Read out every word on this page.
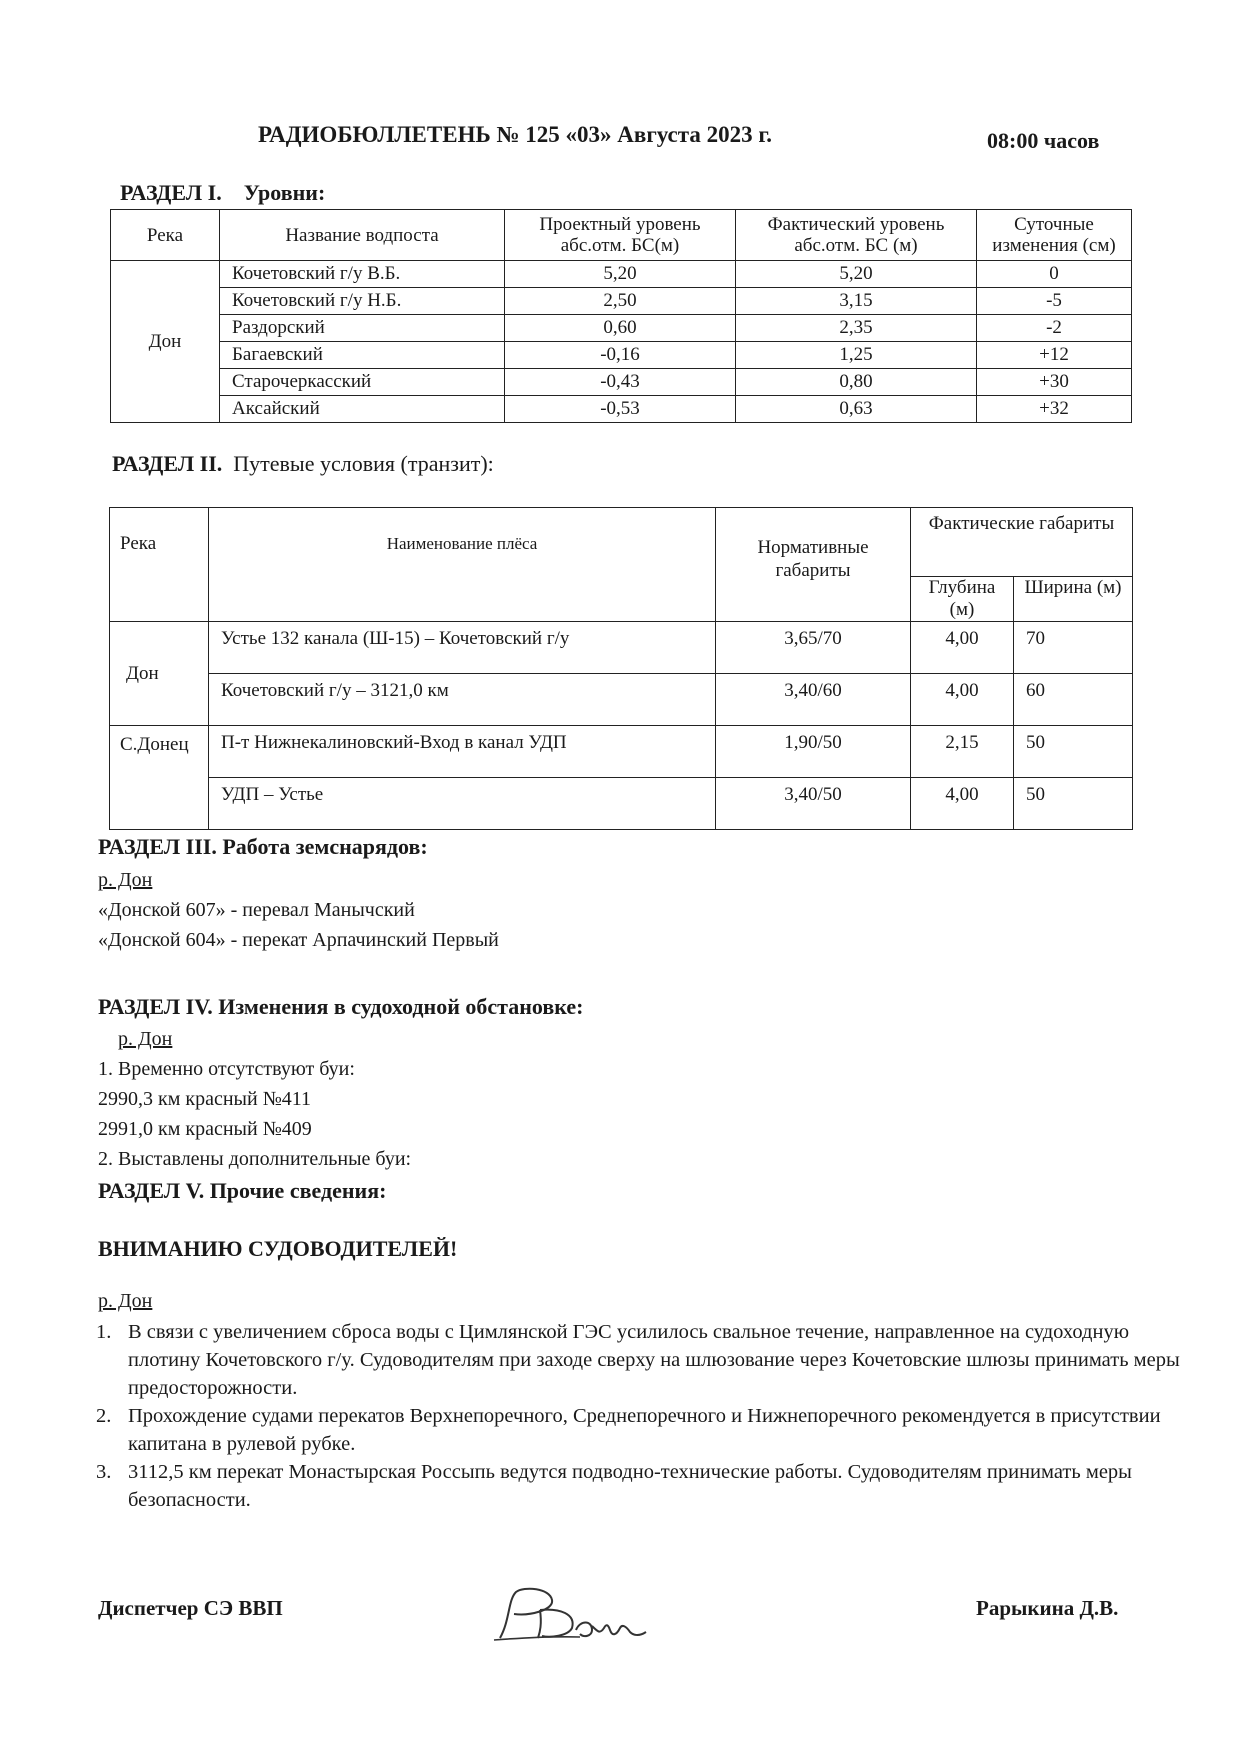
РАДИОБЮЛЛЕТЕНЬ № 125 «03» Августа 2023 г.	08:00 часов
РАЗДЕЛ I. Уровни:
Река	Название водпоста	Проектный уровень абс.отм. БС(м)	Фактический уровень абс.отм. БС (м)	Суточные изменения (см)
Дон	Кочетовский г/у В.Б.	5,20	5,20	0
	Кочетовский г/у Н.Б.	2,50	3,15	-5
	Раздорский	0,60	2,35	-2
	Багаевский	-0,16	1,25	+12
	Старочеркасский	-0,43	0,80	+30
	Аксайский	-0,53	0,63	+32
РАЗДЕЛ II. Путевые условия (транзит):
Река	Наименование плёса	Нормативные габариты	Фактические габариты	
			Глубина (м)	Ширина (м)
Дон	Устье 132 канала (Ш-15) – Кочетовский г/у	3,65/70	4,00	70
	Кочетовский г/у – 3121,0 км	3,40/60	4,00	60
С.Донец	П-т Нижнекалиновский-Вход в канал УДП	1,90/50	2,15	50
	УДП – Устье	3,40/50	4,00	50
РАЗДЕЛ III. Работа земснарядов:
р. Дон
«Донской 607» - перевал Манычский
«Донской 604» - перекат Арпачинский Первый
РАЗДЕЛ IV. Изменения в судоходной обстановке:
р. Дон
1. Временно отсутствуют буи:
2990,3 км красный №411
2991,0 км красный №409
2. Выставлены дополнительные буи:
РАЗДЕЛ V. Прочие сведения:
ВНИМАНИЮ СУДОВОДИТЕЛЕЙ!
р. Дон
1. В связи с увеличением сброса воды с Цимлянской ГЭС усилилось свальное течение, направленное на судоходную плотину Кочетовского г/у. Судоводителям при заходе сверху на шлюзование через Кочетовские шлюзы принимать меры предосторожности.
2. Прохождение судами перекатов Верхнепоречного, Среднепоречного и Нижнепоречного рекомендуется в присутствии капитана в рулевой рубке.
3. 3112,5 км перекат Монастырская Россыпь ведутся подводно-технические работы. Судоводителям принимать меры безопасности.
Диспетчер СЭ ВВП	Рарыкина Д.В.
